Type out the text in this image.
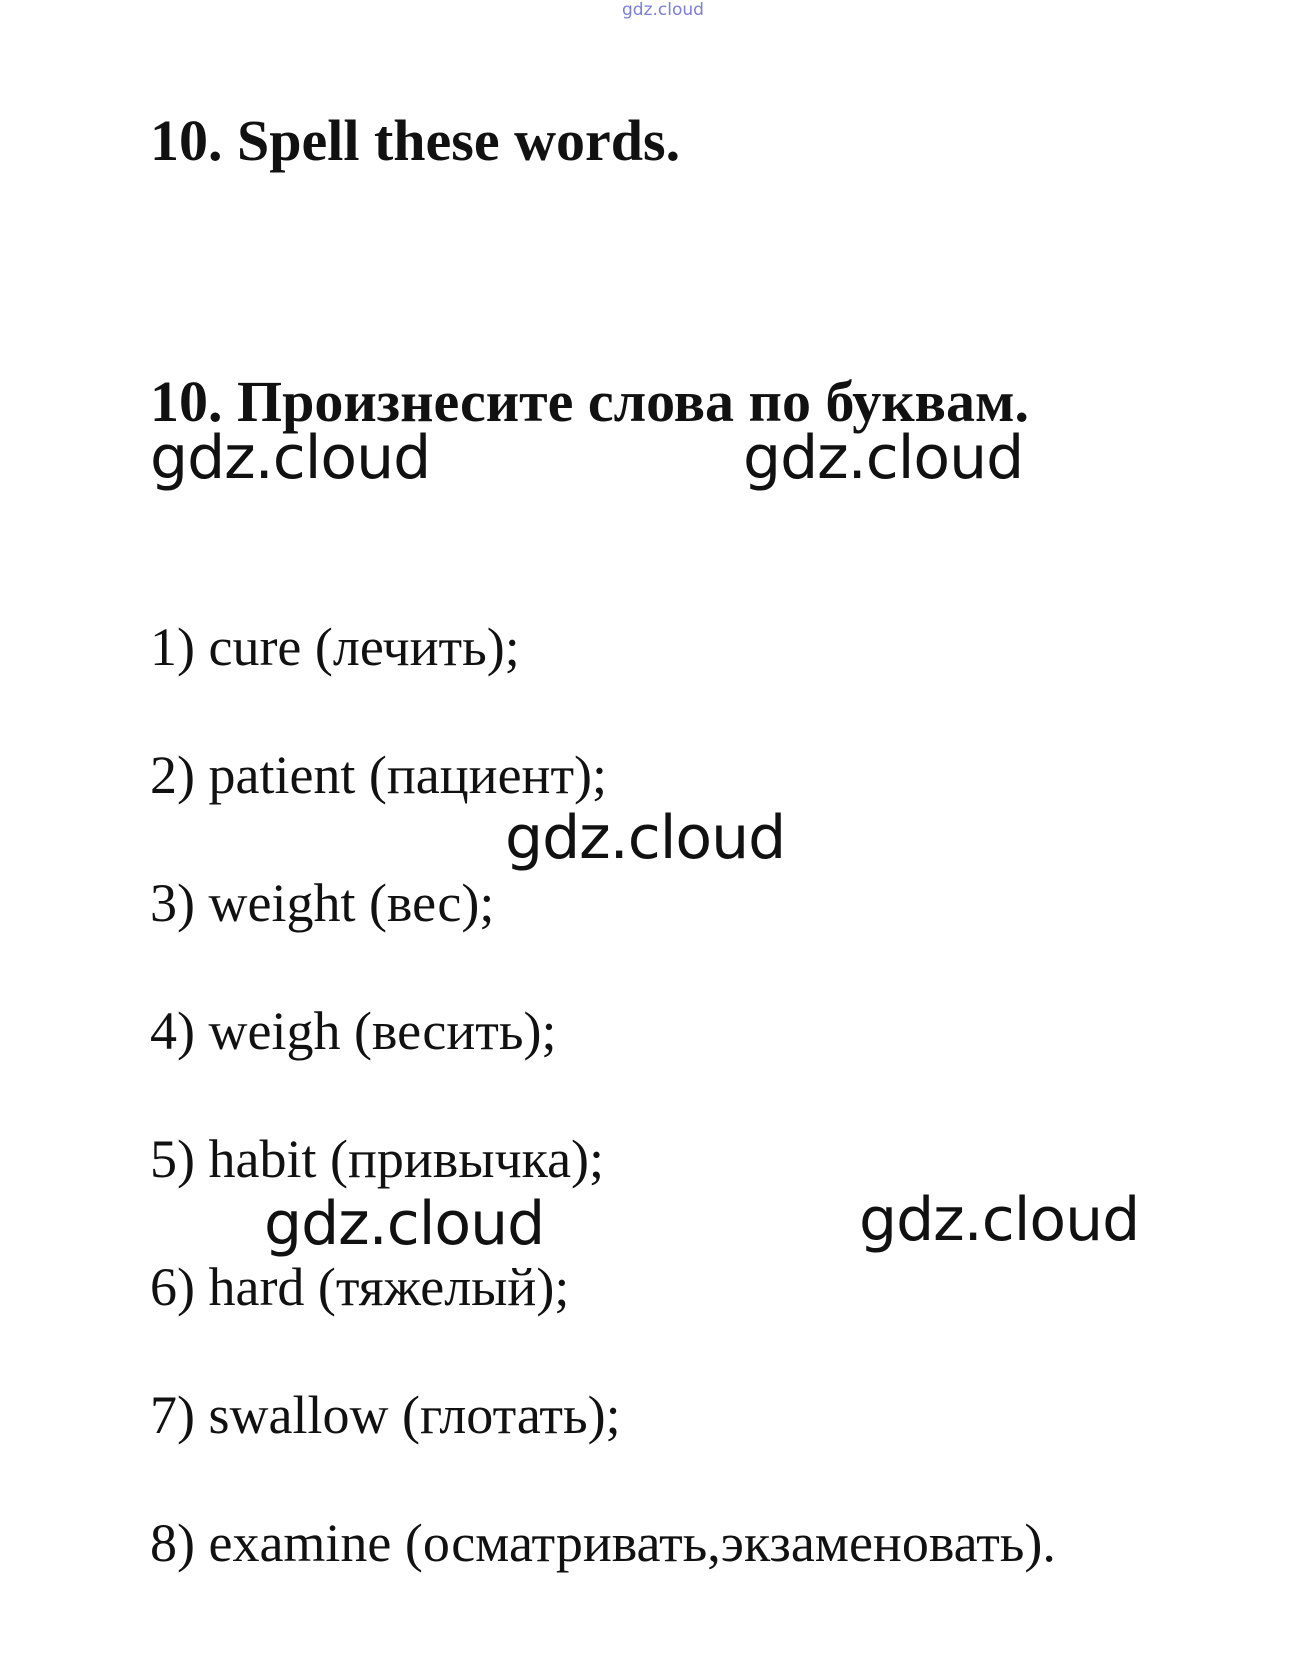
gdz.cloud
10. Spell these words.
10. Произнесите слова по буквам.
gdz.cloud	gdz.cloud
1) cure (лечить);
2) patient (пациент);
3) weight (вес);
4) weigh (весить);
5) habit (привычка);
6) hard (тяжелый);
7) swallow (глотать);
8) examine (осматривать,экзаменовать).
gdz.cloud
gdz.cloud	gdz.cloud
